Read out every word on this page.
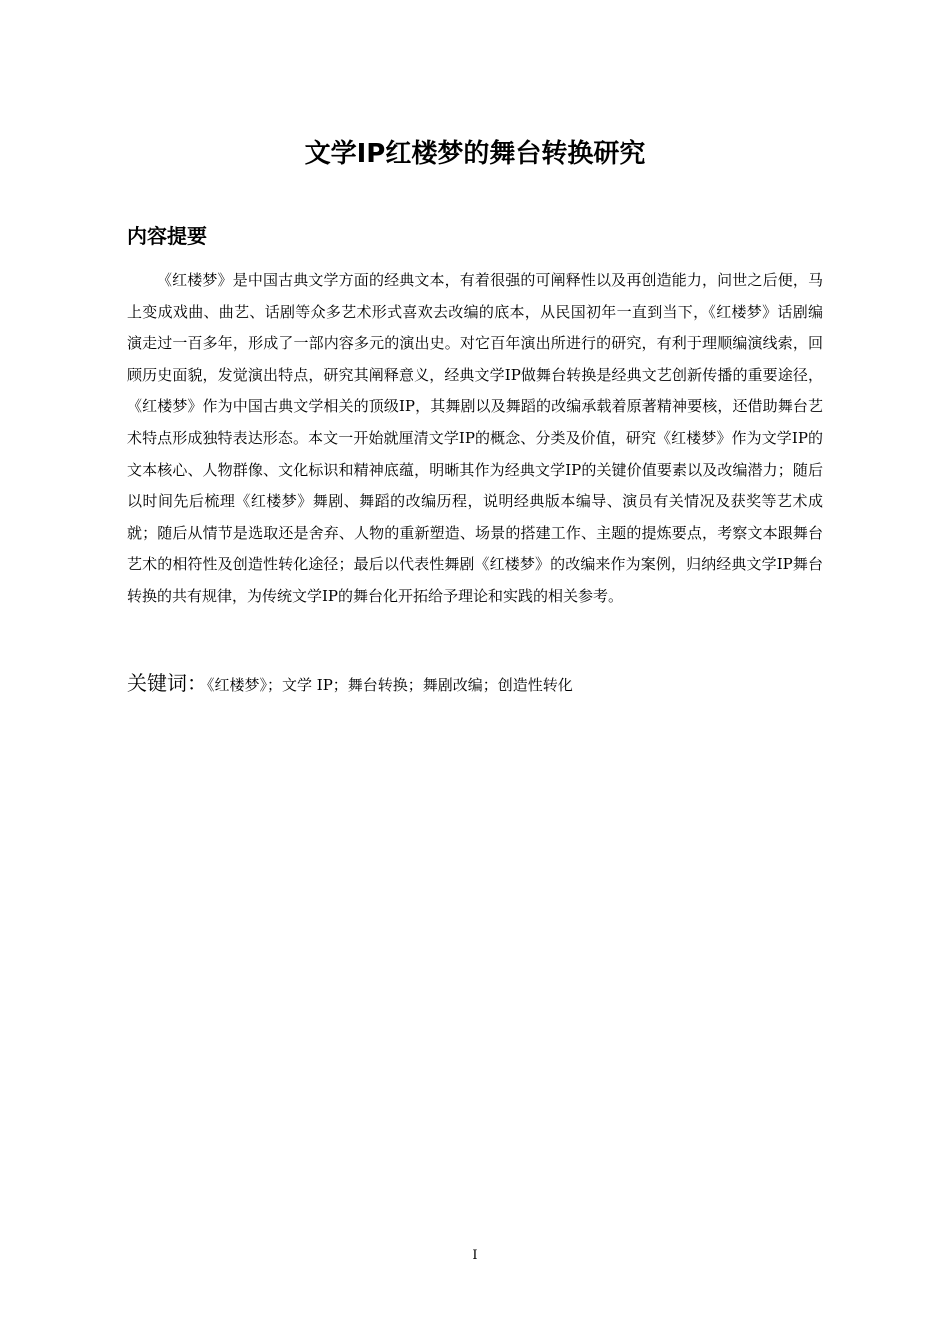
文学IP红楼梦的舞台转换研究
内容提要

《红楼梦》是中国古典文学方面的经典文本，有着很强的可阐释性以及再创造能力，问世之后便，马上变成戏曲、曲艺、话剧等众多艺术形式喜欢去改编的底本，从民国初年一直到当下，《红楼梦》话剧编演走过一百多年，形成了一部内容多元的演出史。对它百年演出所进行的研究，有利于理顺编演线索，回顾历史面貌，发觉演出特点，研究其阐释意义，经典文学IP做舞台转换是经典文艺创新传播的重要途径，《红楼梦》作为中国古典文学相关的顶级IP，其舞剧以及舞蹈的改编承载着原著精神要核，还借助舞台艺术特点形成独特表达形态。本文一开始就厘清文学IP的概念、分类及价值，研究《红楼梦》作为文学IP的文本核心、人物群像、文化标识和精神底蕴，明晰其作为经典文学IP的关键价值要素以及改编潜力；随后以时间先后梳理《红楼梦》舞剧、舞蹈的改编历程，说明经典版本编导、演员有关情况及获奖等艺术成就；随后从情节是选取还是舍弃、人物的重新塑造、场景的搭建工作、主题的提炼要点，考察文本跟舞台艺术的相符性及创造性转化途径；最后以代表性舞剧《红楼梦》的改编来作为案例，归纳经典文学IP舞台转换的共有规律，为传统文学IP的舞台化开拓给予理论和实践的相关参考。

关键词：《红楼梦》；文学 IP；舞台转换；舞剧改编；创造性转化
I
